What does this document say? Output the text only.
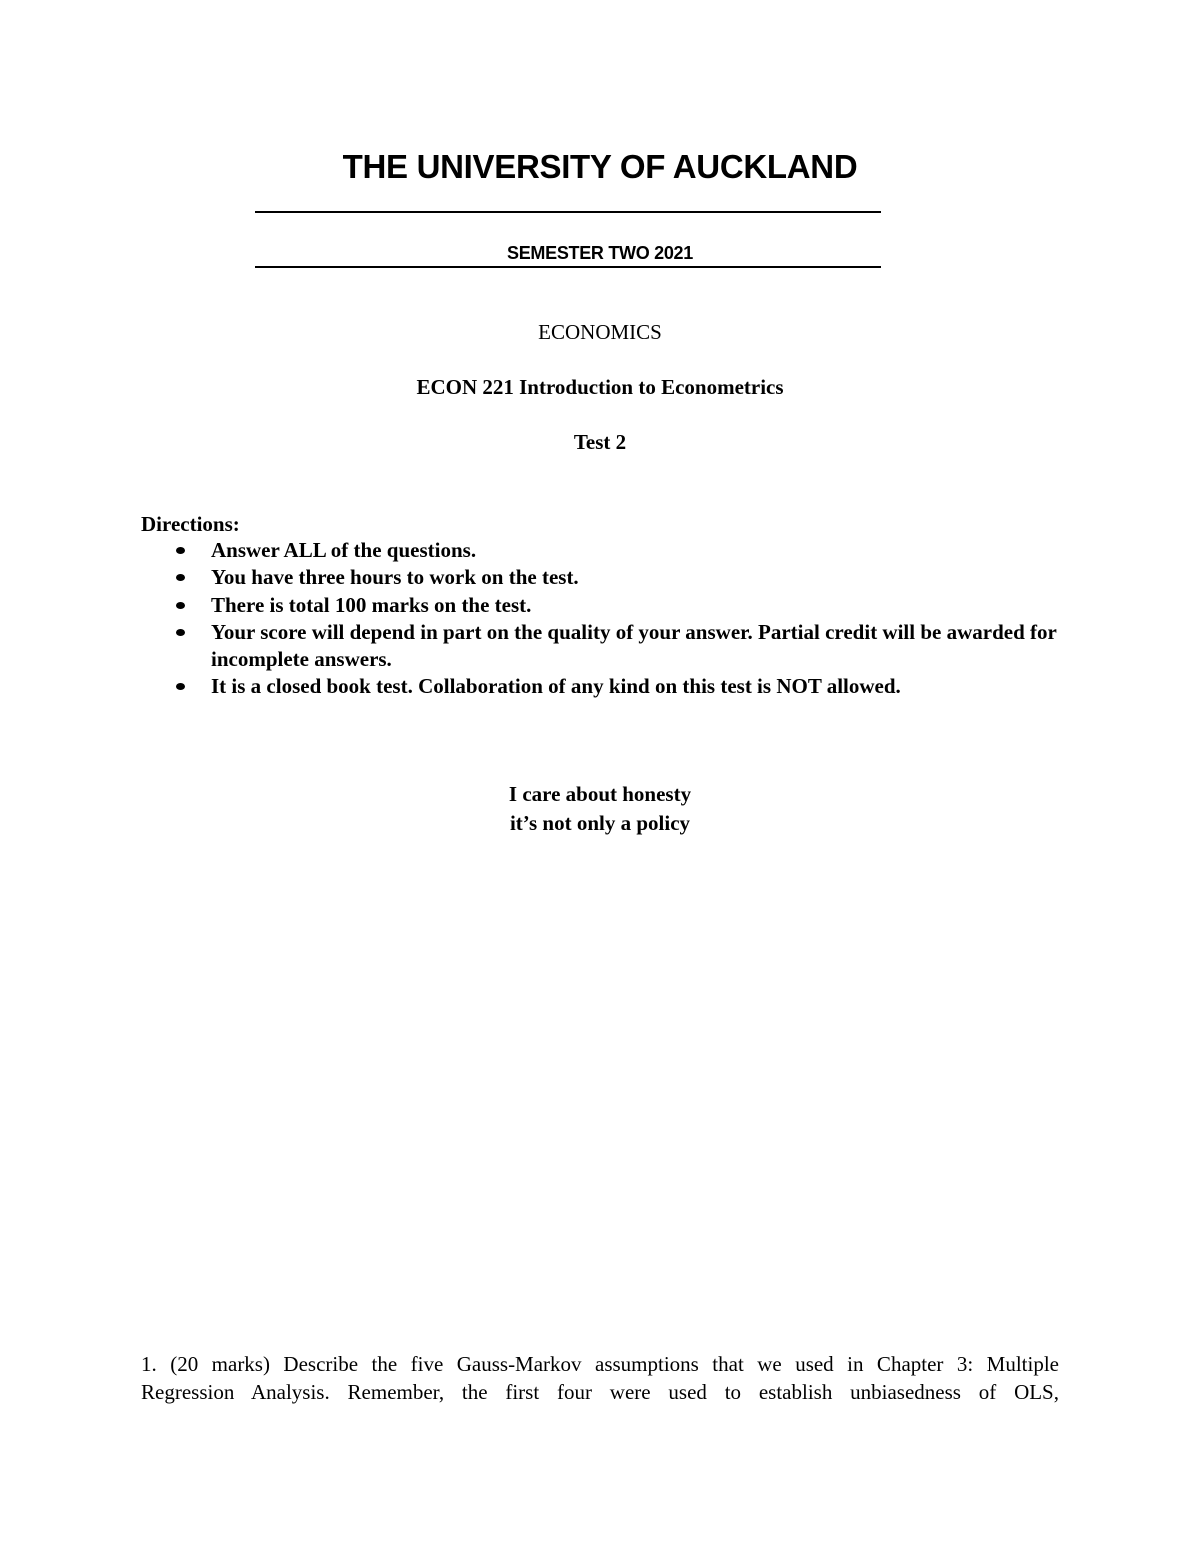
THE UNIVERSITY OF AUCKLAND
SEMESTER TWO 2021
ECONOMICS
ECON 221 Introduction to Econometrics
Test 2
Directions:
Answer ALL of the questions.
You have three hours to work on the test.
There is total 100 marks on the test.
Your score will depend in part on the quality of your answer. Partial credit will be awarded for incomplete answers.
It is a closed book test. Collaboration of any kind on this test is NOT allowed.
I care about honesty
it’s not only a policy
1. (20 marks) Describe the five Gauss-Markov assumptions that we used in Chapter 3: Multiple
Regression Analysis. Remember, the first four were used to establish unbiasedness of OLS,
